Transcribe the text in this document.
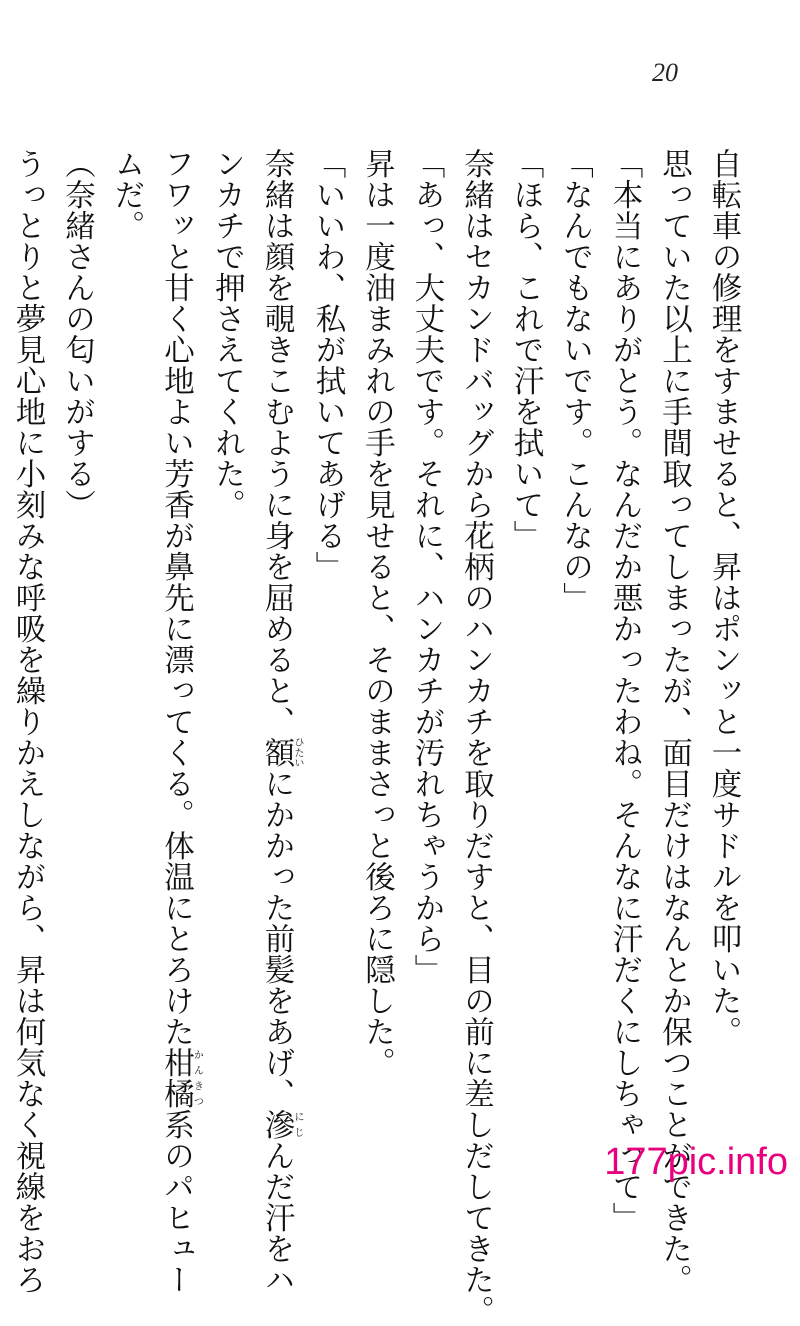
20
自転車の修理をすませると、昇はポンッと一度サドルを叩いた。
思っていた以上に手間取ってしまったが、面目だけはなんとか保つことができた。
「本当にありがとう。なんだか悪かったわね。そんなに汗だくにしちゃって」
「なんでもないです。こんなの」
「ほら、これで汗を拭いて」
奈緒はセカンドバッグから花柄のハンカチを取りだすと、目の前に差しだしてきた。
「あっ、大丈夫です。それに、ハンカチが汚れちゃうから」
昇は一度油まみれの手を見せると、そのままさっと後ろに隠した。
「いいわ、私が拭いてあげる」
奈緒は顔を覗きこむように身を屈めると、額ひたいにかかった前髪をあげ、滲にじんだ汗をハ
ンカチで押さえてくれた。
フワッと甘く心地よい芳香が鼻先に漂ってくる。体温にとろけた柑橘かんきつ系のパヒュー
ムだ。
（奈緒さんの匂いがする）
うっとりと夢見心地に小刻みな呼吸を繰りかえしながら、昇は何気なく視線をおろ	177pic.info
